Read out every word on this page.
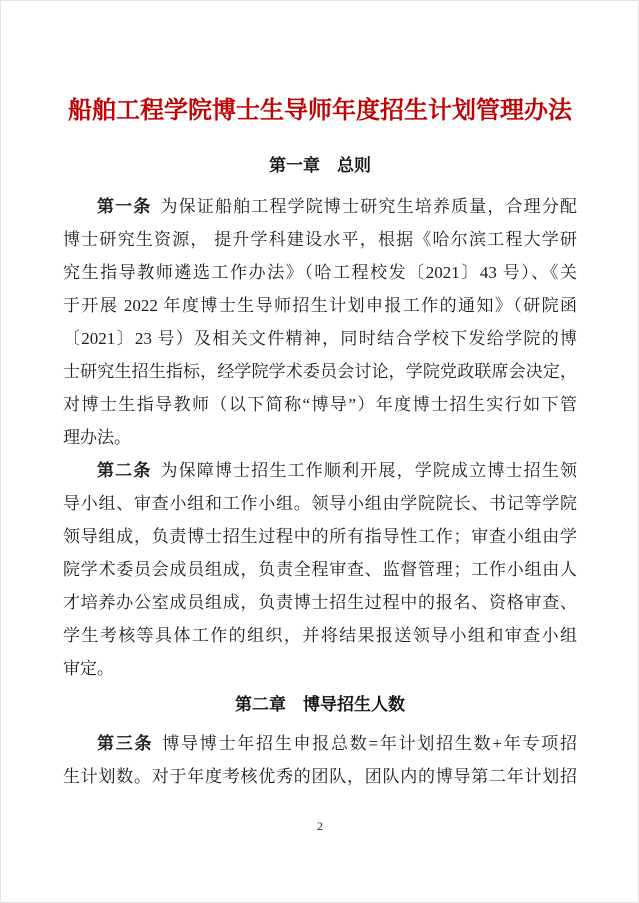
船舶工程学院博士生导师年度招生计划管理办法
第一章　总则
第一条 为保证船舶工程学院博士研究生培养质量，合理分配
博士研究生资源， 提升学科建设水平，根据《哈尔滨工程大学研
究生指导教师遴选工作办法》（哈工程校发〔2021〕43 号）、《关
于开展 2022 年度博士生导师招生计划申报工作的通知》（研院函
〔2021〕23 号）及相关文件精神，同时结合学校下发给学院的博
士研究生招生指标，经学院学术委员会讨论，学院党政联席会决定，
对博士生指导教师（以下简称“博导”）年度博士招生实行如下管
理办法。
第二条 为保障博士招生工作顺利开展，学院成立博士招生领
导小组、审查小组和工作小组。领导小组由学院院长、书记等学院
领导组成，负责博士招生过程中的所有指导性工作；审查小组由学
院学术委员会成员组成，负责全程审查、监督管理；工作小组由人
才培养办公室成员组成，负责博士招生过程中的报名、资格审查、
学生考核等具体工作的组织，并将结果报送领导小组和审查小组
审定。
第二章　博导招生人数
第三条 博导博士年招生申报总数=年计划招生数+年专项招
生计划数。对于年度考核优秀的团队，团队内的博导第二年计划招
2
